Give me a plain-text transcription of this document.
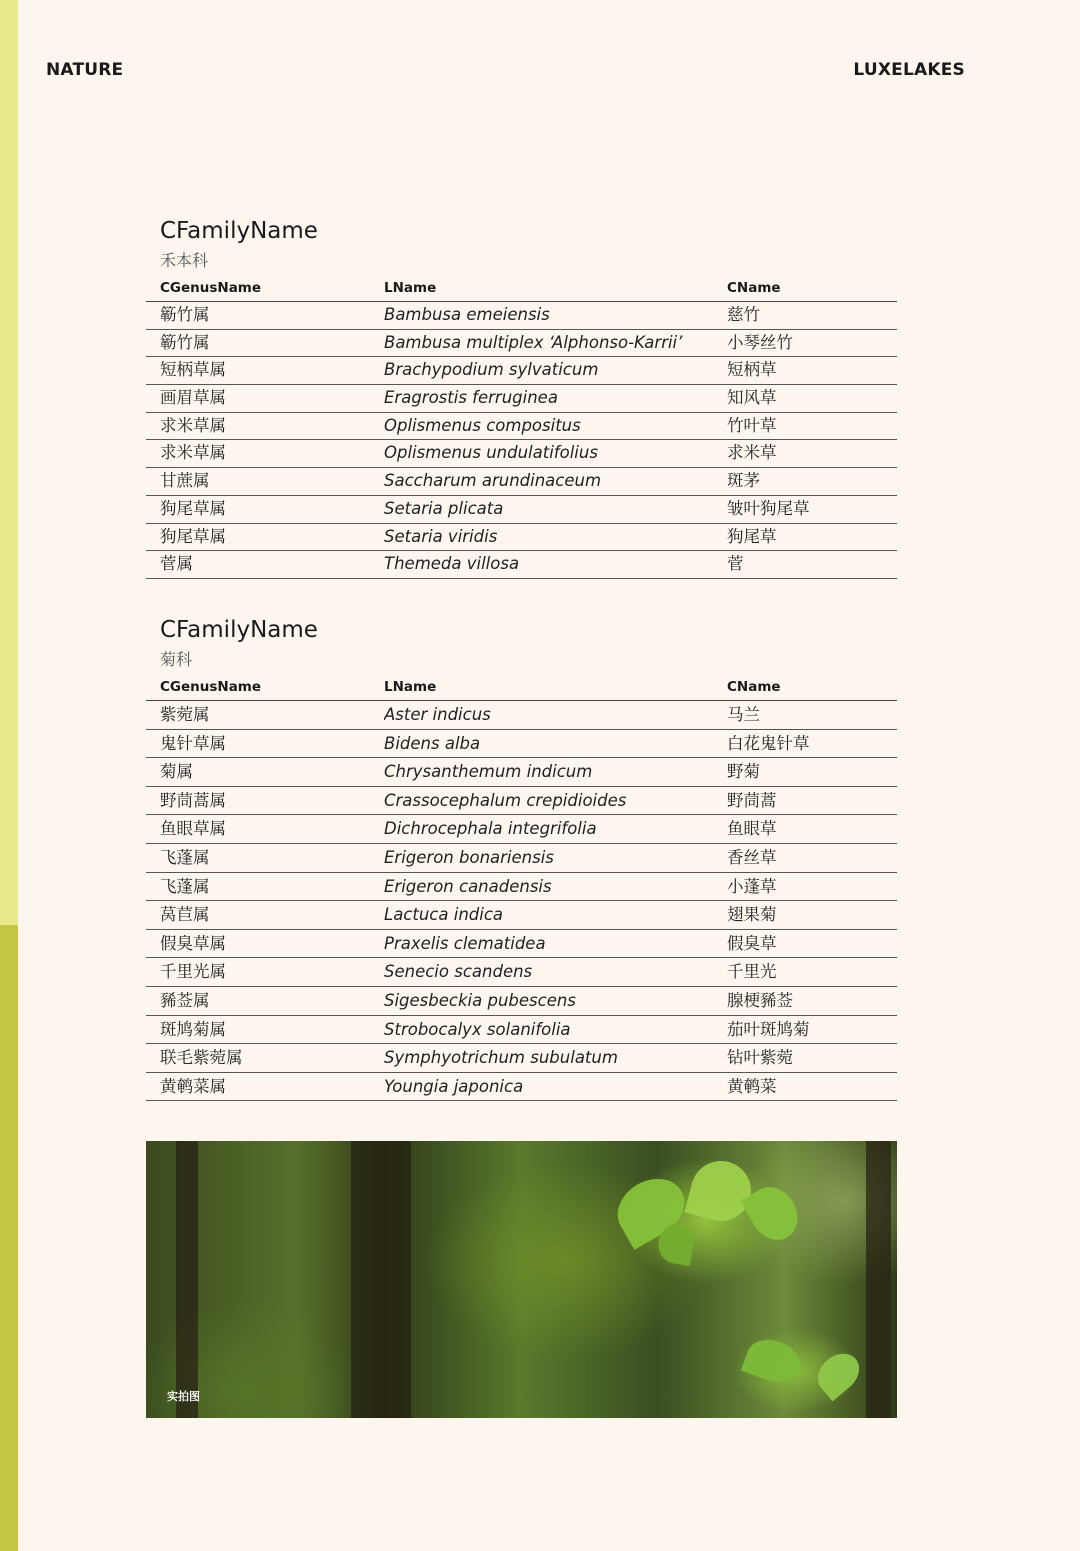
NATURE	LUXELAKES
CFamilyName
禾本科
CGenusName	LName	CName
簕竹属	Bambusa emeiensis	慈竹
簕竹属	Bambusa multiplex ‘Alphonso-Karrii’	小琴丝竹
短柄草属	Brachypodium sylvaticum	短柄草
画眉草属	Eragrostis ferruginea	知风草
求米草属	Oplismenus compositus	竹叶草
求米草属	Oplismenus undulatifolius	求米草
甘蔗属	Saccharum arundinaceum	斑茅
狗尾草属	Setaria plicata	皱叶狗尾草
狗尾草属	Setaria viridis	狗尾草
菅属	Themeda villosa	菅
CFamilyName
菊科
CGenusName	LName	CName
紫菀属	Aster indicus	马兰
鬼针草属	Bidens alba	白花鬼针草
菊属	Chrysanthemum indicum	野菊
野茼蒿属	Crassocephalum crepidioides	野茼蒿
鱼眼草属	Dichrocephala integrifolia	鱼眼草
飞蓬属	Erigeron bonariensis	香丝草
飞蓬属	Erigeron canadensis	小蓬草
莴苣属	Lactuca indica	翅果菊
假臭草属	Praxelis clematidea	假臭草
千里光属	Senecio scandens	千里光
豨莶属	Sigesbeckia pubescens	腺梗豨莶
斑鸠菊属	Strobocalyx solanifolia	茄叶斑鸠菊
联毛紫菀属	Symphyotrichum subulatum	钻叶紫菀
黄鹌菜属	Youngia japonica	黄鹌菜
实拍图
